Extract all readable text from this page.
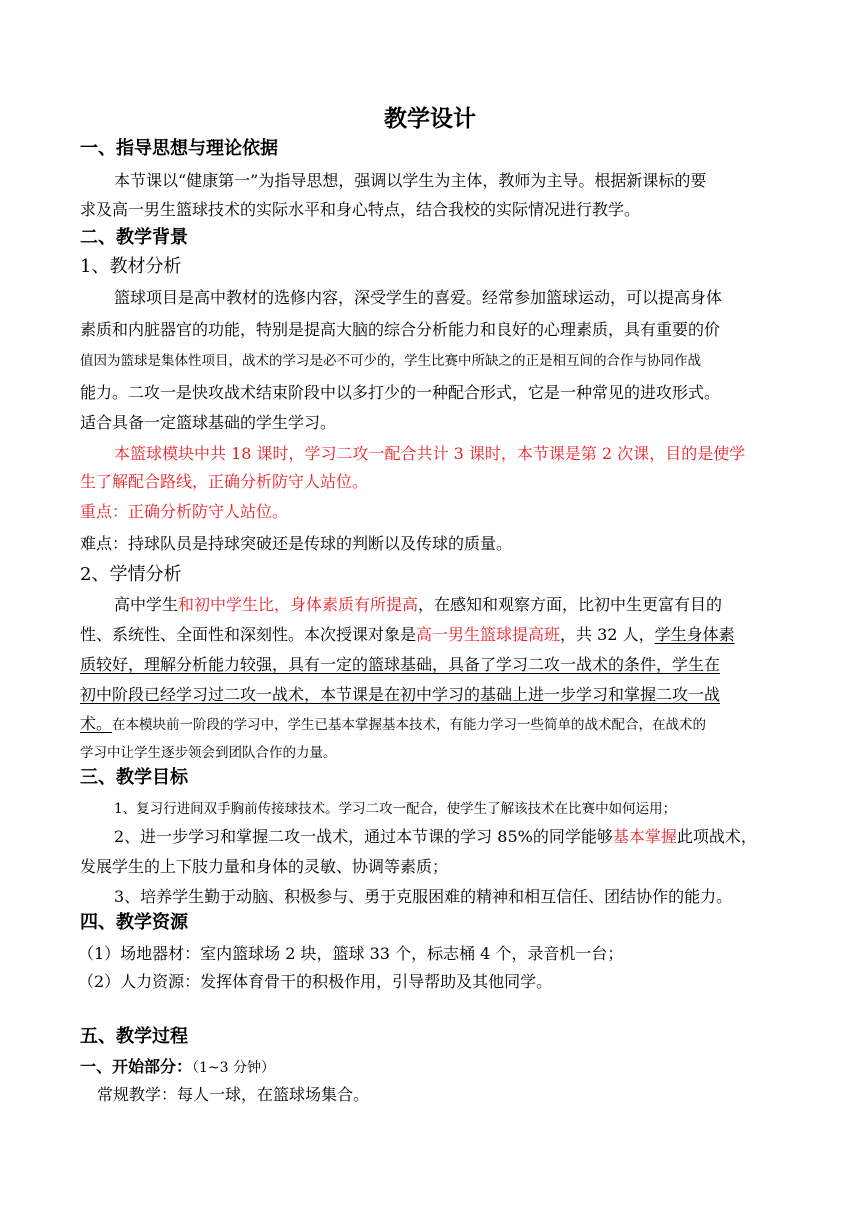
教学设计
一、指导思想与理论依据
本节课以“健康第一”为指导思想，强调以学生为主体，教师为主导。根据新课标的要
求及高一男生篮球技术的实际水平和身心特点，结合我校的实际情况进行教学。
二、教学背景
1、教材分析
篮球项目是高中教材的选修内容，深受学生的喜爱。经常参加篮球运动，可以提高身体
素质和内脏器官的功能，特别是提高大脑的综合分析能力和良好的心理素质，具有重要的价
值因为篮球是集体性项目，战术的学习是必不可少的，学生比赛中所缺之的正是相互间的合作与协同作战
能力。二攻一是快攻战术结束阶段中以多打少的一种配合形式，它是一种常见的进攻形式。
适合具备一定篮球基础的学生学习。
本篮球模块中共 18 课时，学习二攻一配合共计 3 课时，本节课是第 2 次课，目的是使学
生了解配合路线，正确分析防守人站位。
重点：正确分析防守人站位。
难点：持球队员是持球突破还是传球的判断以及传球的质量。
2、学情分析
高中学生和初中学生比，身体素质有所提高，在感知和观察方面，比初中生更富有目的
性、系统性、全面性和深刻性。本次授课对象是高一男生篮球提高班，共 32 人，学生身体素
质较好，理解分析能力较强，具有一定的篮球基础，具备了学习二攻一战术的条件，学生在
初中阶段已经学习过二攻一战术，本节课是在初中学习的基础上进一步学习和掌握二攻一战
术。在本模块前一阶段的学习中，学生已基本掌握基本技术，有能力学习一些简单的战术配合，在战术的
学习中让学生逐步领会到团队合作的力量。
三、教学目标
1、复习行进间双手胸前传接球技术。学习二攻一配合，使学生了解该技术在比赛中如何运用；
2、进一步学习和掌握二攻一战术，通过本节课的学习 85%的同学能够基本掌握此项战术，
发展学生的上下肢力量和身体的灵敏、协调等素质；
3、培养学生勤于动脑、积极参与、勇于克服困难的精神和相互信任、团结协作的能力。
四、教学资源
（1）场地器材：室内篮球场 2 块，篮球 33 个，标志桶 4 个，录音机一台；
（2）人力资源：发挥体育骨干的积极作用，引导帮助及其他同学。
五、教学过程
一、开始部分：（1~3 分钟）
常规教学：每人一球，在篮球场集合。
